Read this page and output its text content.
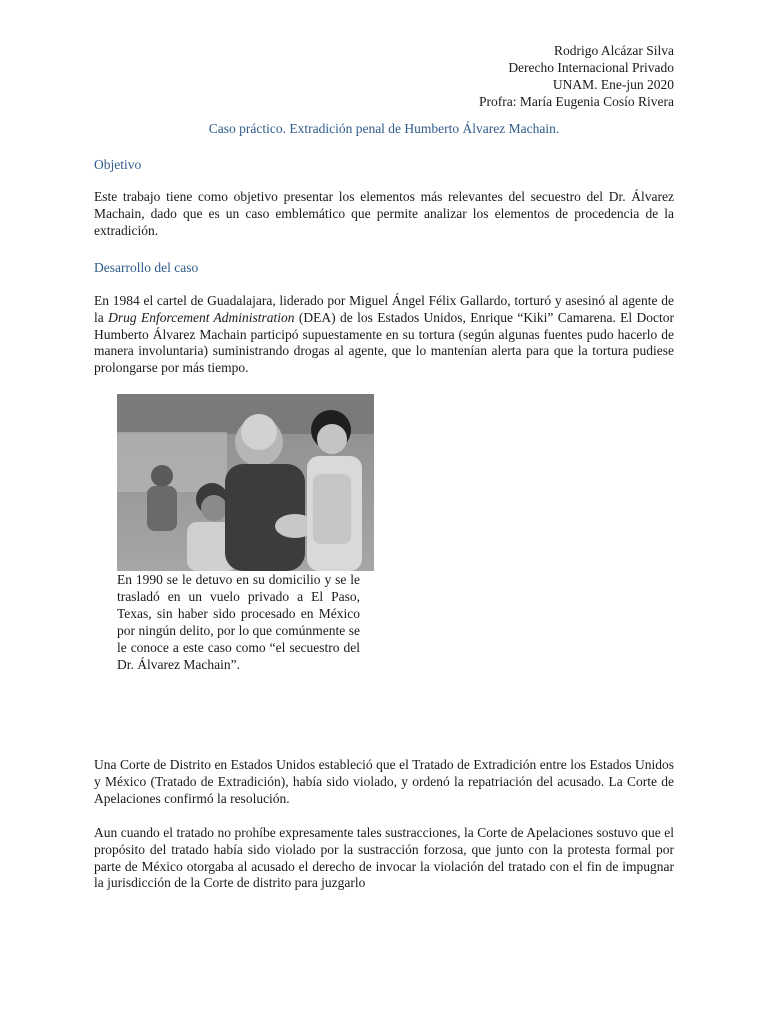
Rodrigo Alcázar Silva
Derecho Internacional Privado
UNAM. Ene-jun 2020
Profra: María Eugenia Cosío Rivera
Caso práctico. Extradición penal de Humberto Álvarez Machain.
Objetivo
Este trabajo tiene como objetivo presentar los elementos más relevantes del secuestro del Dr. Álvarez Machain, dado que es un caso emblemático que permite analizar los elementos de procedencia de la extradición.
Desarrollo del caso
En 1984 el cartel de Guadalajara, liderado por Miguel Ángel Félix Gallardo, torturó y asesinó al agente de la Drug Enforcement Administration (DEA) de los Estados Unidos, Enrique “Kiki” Camarena. El Doctor Humberto Álvarez Machain participó supuestamente en su tortura (según algunas fuentes pudo hacerlo de manera involuntaria) suministrando drogas al agente, que lo mantenían alerta para que la tortura pudiese prolongarse por más tiempo.
En 1990 se le detuvo en su domicilio y se le trasladó en un vuelo privado a El Paso, Texas, sin haber sido procesado en México por ningún delito, por lo que comúnmente se le conoce a este caso como “el secuestro del Dr. Álvarez Machain”.
Una Corte de Distrito en Estados Unidos estableció que el Tratado de Extradición entre los Estados Unidos y México (Tratado de Extradición), había sido violado, y ordenó la repatriación del acusado. La Corte de Apelaciones confirmó la resolución.
Aun cuando el tratado no prohíbe expresamente tales sustracciones, la Corte de Apelaciones sostuvo que el propósito del tratado había sido violado por la sustracción forzosa, que junto con la protesta formal por parte de México otorgaba al acusado el derecho de invocar la violación del tratado con el fin de impugnar la jurisdicción de la Corte de distrito para juzgarlo
